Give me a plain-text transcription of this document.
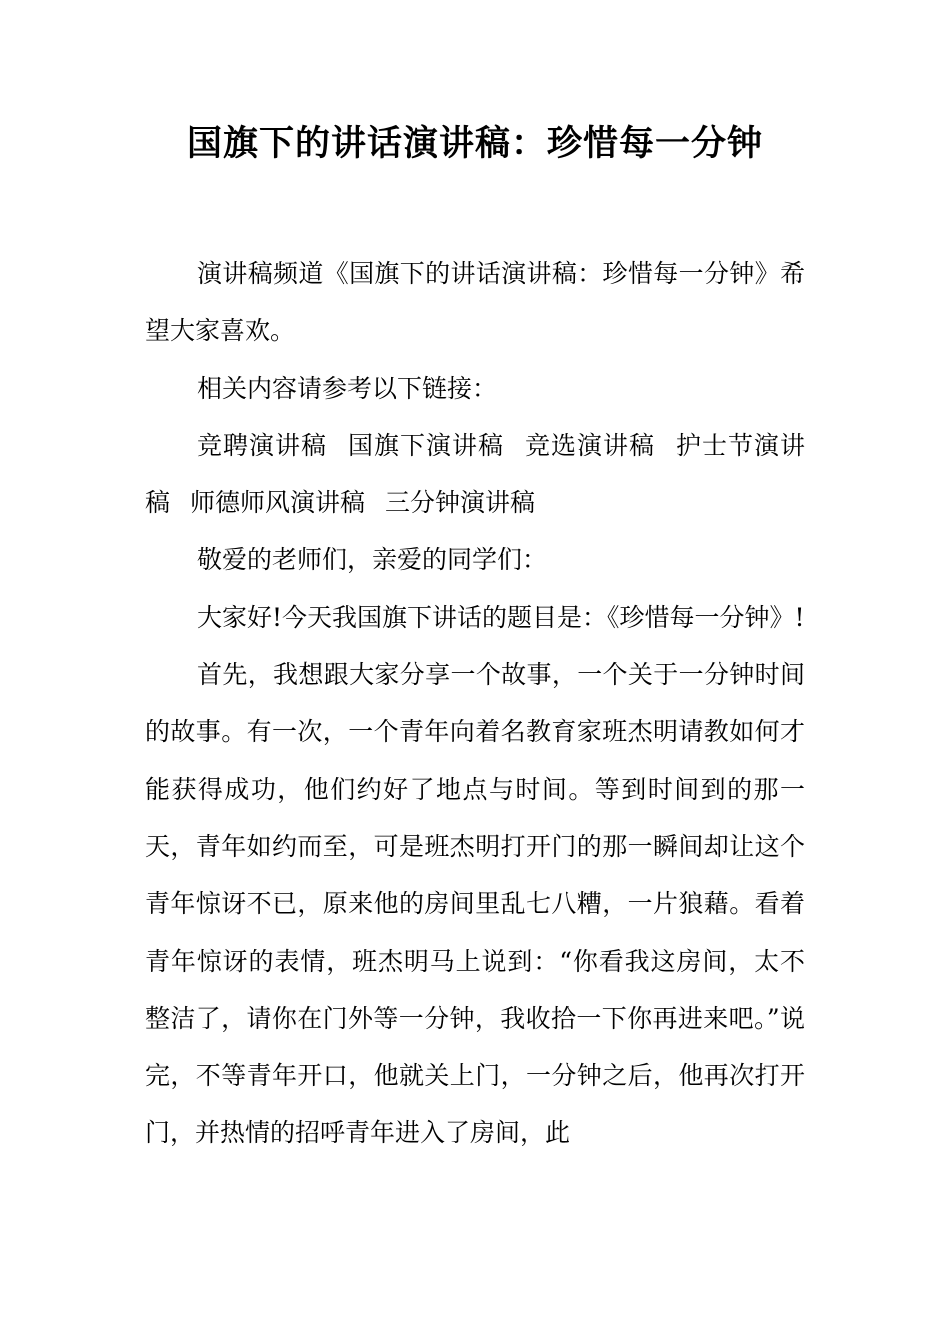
国旗下的讲话演讲稿：珍惜每一分钟

演讲稿频道《国旗下的讲话演讲稿：珍惜每一分钟》希望大家喜欢。

相关内容请参考以下链接：

竞聘演讲稿 国旗下演讲稿 竞选演讲稿 护士节演讲稿 师德师风演讲稿 三分钟演讲稿

敬爱的老师们，亲爱的同学们：

大家好!今天我国旗下讲话的题目是：《珍惜每一分钟》!

首先，我想跟大家分享一个故事，一个关于一分钟时间的故事。有一次，一个青年向着名教育家班杰明请教如何才能获得成功，他们约好了地点与时间。等到时间到的那一天，青年如约而至，可是班杰明打开门的那一瞬间却让这个青年惊讶不已，原来他的房间里乱七八糟，一片狼藉。看着青年惊讶的表情，班杰明马上说到：“你看我这房间，太不整洁了，请你在门外等一分钟，我收拾一下你再进来吧。”说完，不等青年开口，他就关上门，一分钟之后，他再次打开门，并热情的招呼青年进入了房间，此
